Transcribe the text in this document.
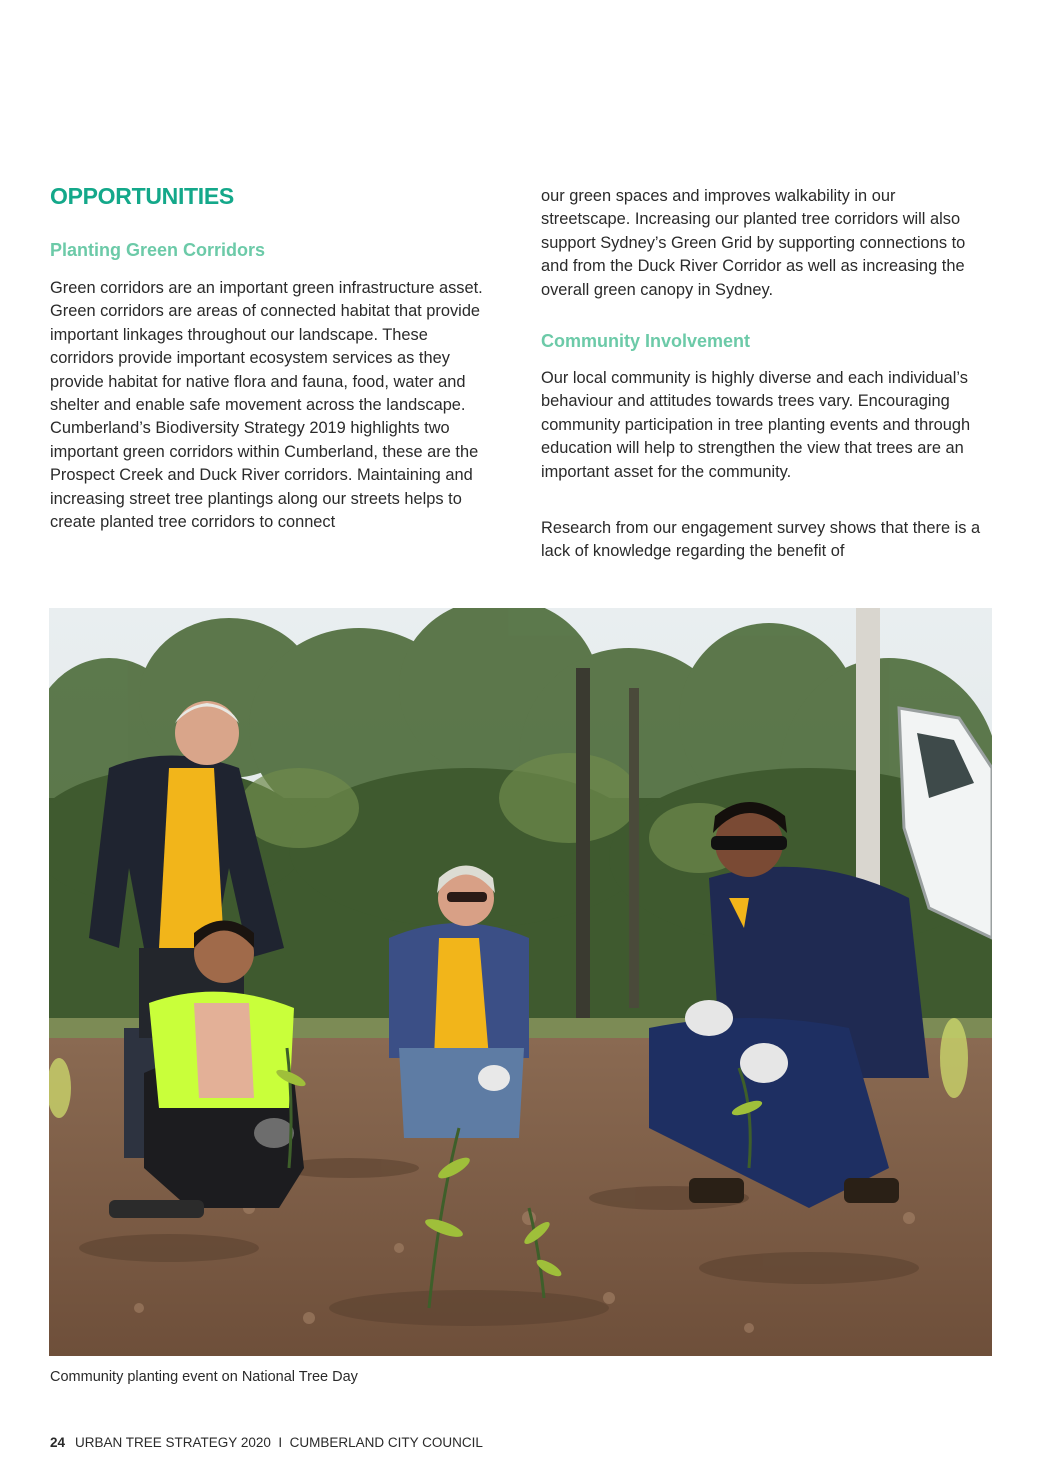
OPPORTUNITIES
Planting Green Corridors

Green corridors are an important green infrastructure asset. Green corridors are areas of connected habitat that provide important linkages throughout our landscape. These corridors provide important ecosystem services as they provide habitat for native flora and fauna, food, water and shelter and enable safe movement across the landscape. Cumberland’s Biodiversity Strategy 2019 highlights two important green corridors within Cumberland, these are the Prospect Creek and Duck River corridors. Maintaining and increasing street tree plantings along our streets helps to create planted tree corridors to connect

our green spaces and improves walkability in our streetscape. Increasing our planted tree corridors will also support Sydney’s Green Grid by supporting connections to and from the Duck River Corridor as well as increasing the overall green canopy in Sydney.

Community Involvement

Our local community is highly diverse and each individual’s behaviour and attitudes towards trees vary. Encouraging community participation in tree planting events and through education will help to strengthen the view that trees are an important asset for the community.

Research from our engagement survey shows that there is a lack of knowledge regarding the benefit of

Community planting event on National Tree Day

24 URBAN TREE STRATEGY 2020  I  CUMBERLAND CITY COUNCIL
